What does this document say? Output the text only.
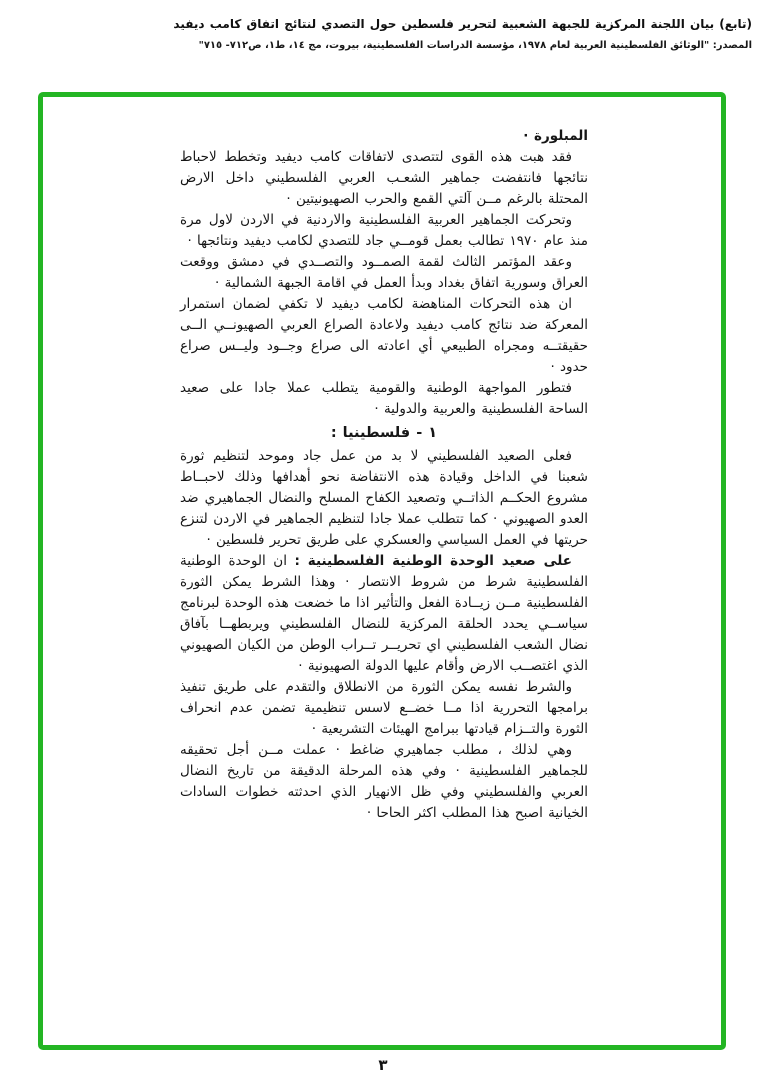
(تابع) بيان اللجنة المركزية للجبهة الشعبية لتحرير فلسطين حول التصدي لنتائج اتفاق كامب ديفيد
المصدر: "الوثائق الفلسطينية العربية لعام ١٩٧٨، مؤسسة الدراسات الفلسطينية، بيروت، مج ١٤، ط١، ص٧١٢- ٧١٥"

المبلورة ·

فقد هبت هذه القوى لتتصدى لاتفاقات كامب ديفيد وتخطط لاحباط نتائجها فانتفضت جماهير الشعـب العربي الفلسطيني داخل الارض المحتلة بالرغم مــن آلتي القمع والحرب الصهيونيتين ·

وتحركت الجماهير العربية الفلسطينية والاردنية في الاردن لاول مرة منذ عام ١٩٧٠ تطالب بعمل قومــي جاد للتصدي لكامب ديفيد ونتائجها ·

وعقد المؤتمر الثالث لقمة الصمــود والتصــدي في دمشق ووقعت العراق وسورية اتفاق بغداد وبدأ العمل في اقامة الجبهة الشمالية ·

ان هذه التحركات المناهضة لكامب ديفيد لا تكفي لضمان استمرار المعركة ضد نتائج كامب ديفيد ولاعادة الصراع العربي الصهيونــي الــى حقيقتــه ومجراه الطبيعي أي اعادته الى صراع وجــود وليــس صراع حدود ·

فتطور المواجهة الوطنية والقومية يتطلب عملا جادا على صعيد الساحة الفلسطينية والعربية والدولية ·

١ - فلسطينيا :

فعلى الصعيد الفلسطيني لا بد من عمل جاد وموحد لتنظيم ثورة شعبنا في الداخل وقيادة هذه الانتفاضة نحو أهدافها وذلك لاحبــاط مشروع الحكــم الذاتــي وتصعيد الكفاح المسلح والنضال الجماهيري ضد العدو الصهيوني · كما تتطلب عملا جادا لتنظيم الجماهير في الاردن لتنزع حريتها في العمل السياسي والعسكري على طريق تحرير فلسطين ·

على صعيد الوحدة الوطنية الفلسطينية : ان الوحدة الوطنية الفلسطينية شرط من شروط الانتصار · وهذا الشرط يمكن الثورة الفلسطينية مــن زيــادة الفعل والتأثير اذا ما خضعت هذه الوحدة لبرنامج سياســي يحدد الحلقة المركزية للنضال الفلسطيني ويربطهــا بآفاق نضال الشعب الفلسطيني اي تحريــر تــراب الوطن من الكيان الصهيوني الذي اغتصــب الارض وأقام عليها الدولة الصهيونية ·

والشرط نفسه يمكن الثورة من الانطلاق والتقدم على طريق تنفيذ برامجها التحررية اذا مــا خضــع لاسس تنظيمية تضمن عدم انحراف الثورة والتــزام قيادتها ببرامج الهيئات التشريعية ·

وهي لذلك ، مطلب جماهيري ضاغط · عملت مــن أجل تحقيقه للجماهير الفلسطينية · وفي هذه المرحلة الدقيقة من تاريخ النضال العربي والفلسطيني وفي ظل الانهيار الذي احدثته خطوات السادات الخيانية اصبح هذا المطلب اكثر الحاحا ·

٣
